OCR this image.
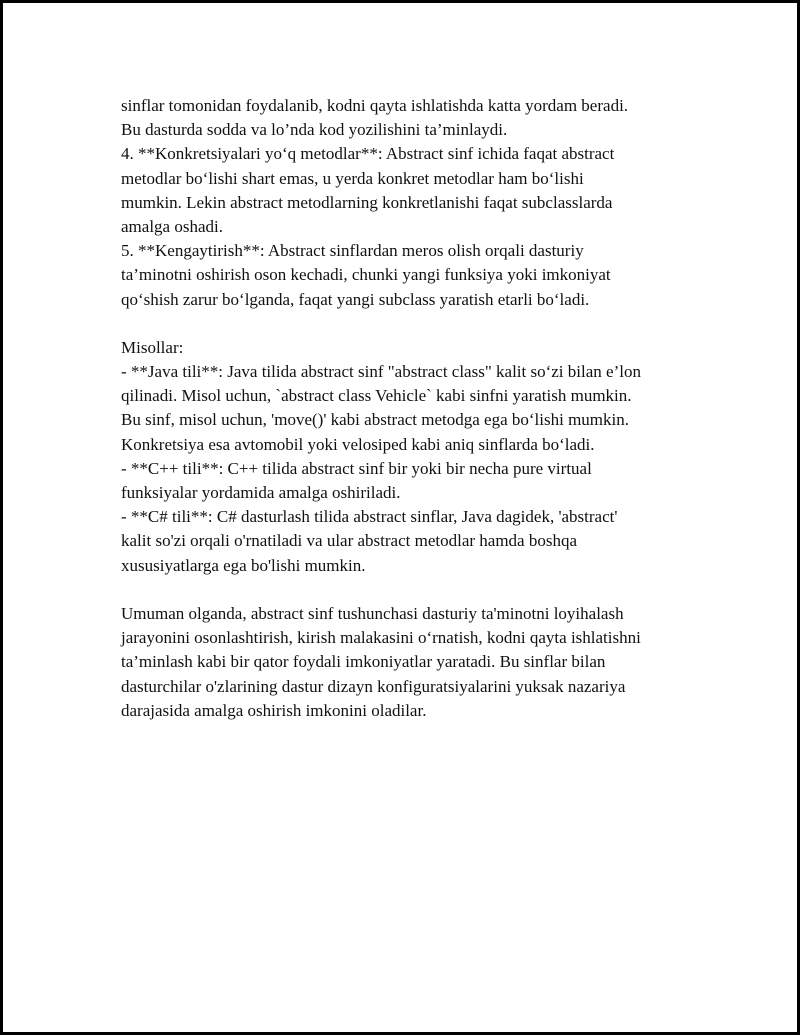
sinflar tomonidan foydalanib, kodni qayta ishlatishda katta yordam beradi.
Bu dasturda sodda va lo’nda kod yozilishini ta’minlaydi.
4. **Konkretsiyalari yo‘q metodlar**: Abstract sinf ichida faqat abstract
metodlar bo‘lishi shart emas, u yerda konkret metodlar ham bo‘lishi
mumkin. Lekin abstract metodlarning konkretlanishi faqat subclasslarda
amalga oshadi.
5. **Kengaytirish**: Abstract sinflardan meros olish orqali dasturiy
ta’minotni oshirish oson kechadi, chunki yangi funksiya yoki imkoniyat
qo‘shish zarur bo‘lganda, faqat yangi subclass yaratish etarli bo‘ladi.
Misollar:
- **Java tili**: Java tilida abstract sinf "abstract class" kalit so‘zi bilan e’lon
qilinadi. Misol uchun, `abstract class Vehicle` kabi sinfni yaratish mumkin.
Bu sinf, misol uchun, 'move()' kabi abstract metodga ega bo‘lishi mumkin.
Konkretsiya esa avtomobil yoki velosiped kabi aniq sinflarda bo‘ladi.
- **C++ tili**: C++ tilida abstract sinf bir yoki bir necha pure virtual
funksiyalar yordamida amalga oshiriladi.
- **C# tili**: C# dasturlash tilida abstract sinflar, Java dagidek, 'abstract'
kalit so'zi orqali o'rnatiladi va ular abstract metodlar hamda boshqa
xususiyatlarga ega bo'lishi mumkin.
Umuman olganda, abstract sinf tushunchasi dasturiy ta'minotni loyihalash
jarayonini osonlashtirish, kirish malakasini o‘rnatish, kodni qayta ishlatishni
ta’minlash kabi bir qator foydali imkoniyatlar yaratadi. Bu sinflar bilan
dasturchilar o'zlarining dastur dizayn konfiguratsiyalarini yuksak nazariya
darajasida amalga oshirish imkonini oladilar.
